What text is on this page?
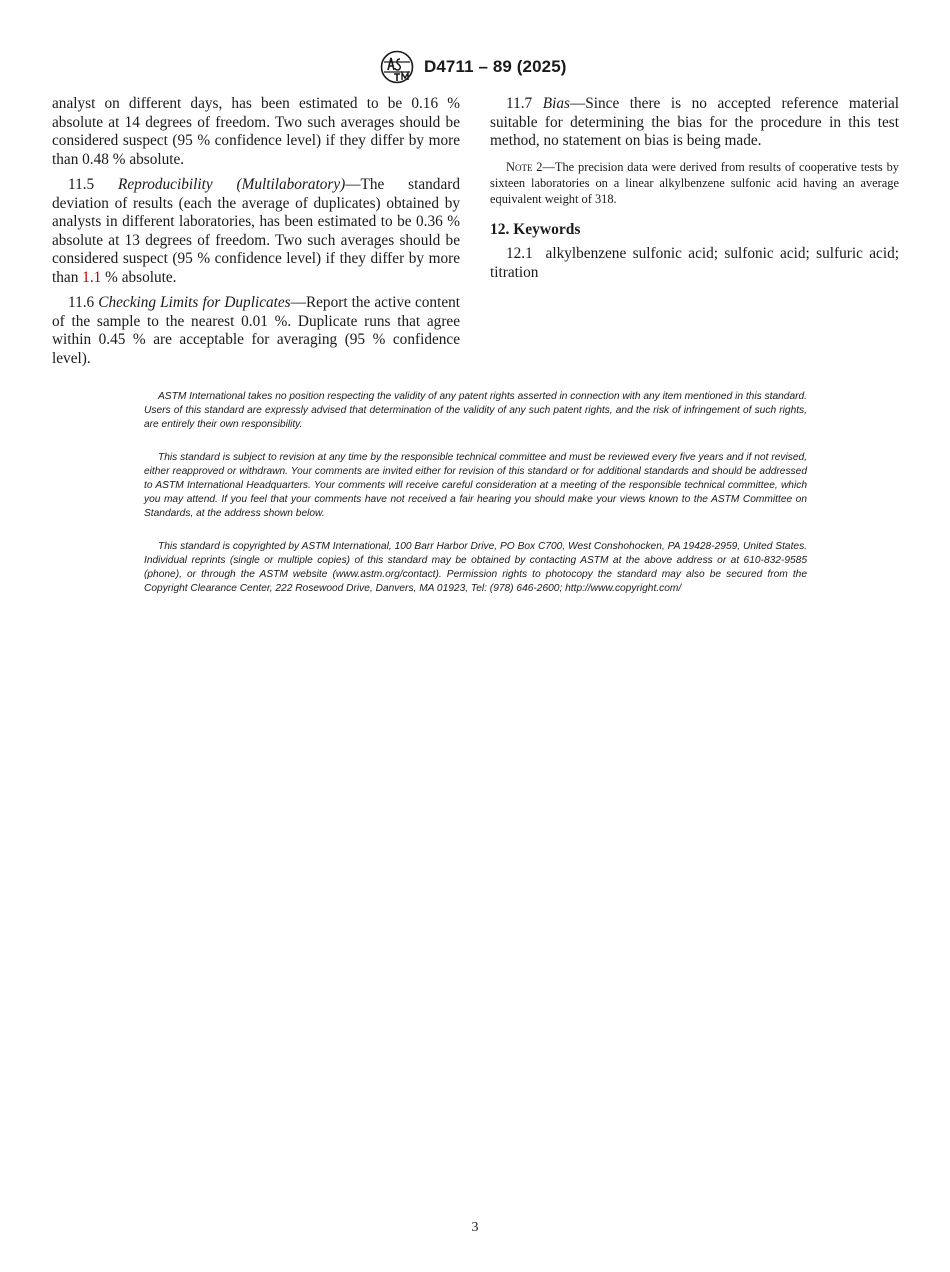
D4711 – 89 (2025)

analyst on different days, has been estimated to be 0.16 % absolute at 14 degrees of freedom. Two such averages should be considered suspect (95 % confidence level) if they differ by more than 0.48 % absolute.

11.5 Reproducibility (Multilaboratory)—The standard deviation of results (each the average of duplicates) obtained by analysts in different laboratories, has been estimated to be 0.36 % absolute at 13 degrees of freedom. Two such averages should be considered suspect (95 % confidence level) if they differ by more than 1.1 % absolute.

11.6 Checking Limits for Duplicates—Report the active content of the sample to the nearest 0.01 %. Duplicate runs that agree within 0.45 % are acceptable for averaging (95 % confidence level).

11.7 Bias—Since there is no accepted reference material suitable for determining the bias for the procedure in this test method, no statement on bias is being made.

Note 2—The precision data were derived from results of cooperative tests by sixteen laboratories on a linear alkylbenzene sulfonic acid having an average equivalent weight of 318.

12. Keywords

12.1 alkylbenzene sulfonic acid; sulfonic acid; sulfuric acid; titration

ASTM International takes no position respecting the validity of any patent rights asserted in connection with any item mentioned in this standard. Users of this standard are expressly advised that determination of the validity of any such patent rights, and the risk of infringement of such rights, are entirely their own responsibility.

This standard is subject to revision at any time by the responsible technical committee and must be reviewed every five years and if not revised, either reapproved or withdrawn. Your comments are invited either for revision of this standard or for additional standards and should be addressed to ASTM International Headquarters. Your comments will receive careful consideration at a meeting of the responsible technical committee, which you may attend. If you feel that your comments have not received a fair hearing you should make your views known to the ASTM Committee on Standards, at the address shown below.

This standard is copyrighted by ASTM International, 100 Barr Harbor Drive, PO Box C700, West Conshohocken, PA 19428-2959, United States. Individual reprints (single or multiple copies) of this standard may be obtained by contacting ASTM at the above address or at 610-832-9585 (phone), or through the ASTM website (www.astm.org/contact). Permission rights to photocopy the standard may also be secured from the Copyright Clearance Center, 222 Rosewood Drive, Danvers, MA 01923, Tel: (978) 646-2600; http://www.copyright.com/

3
